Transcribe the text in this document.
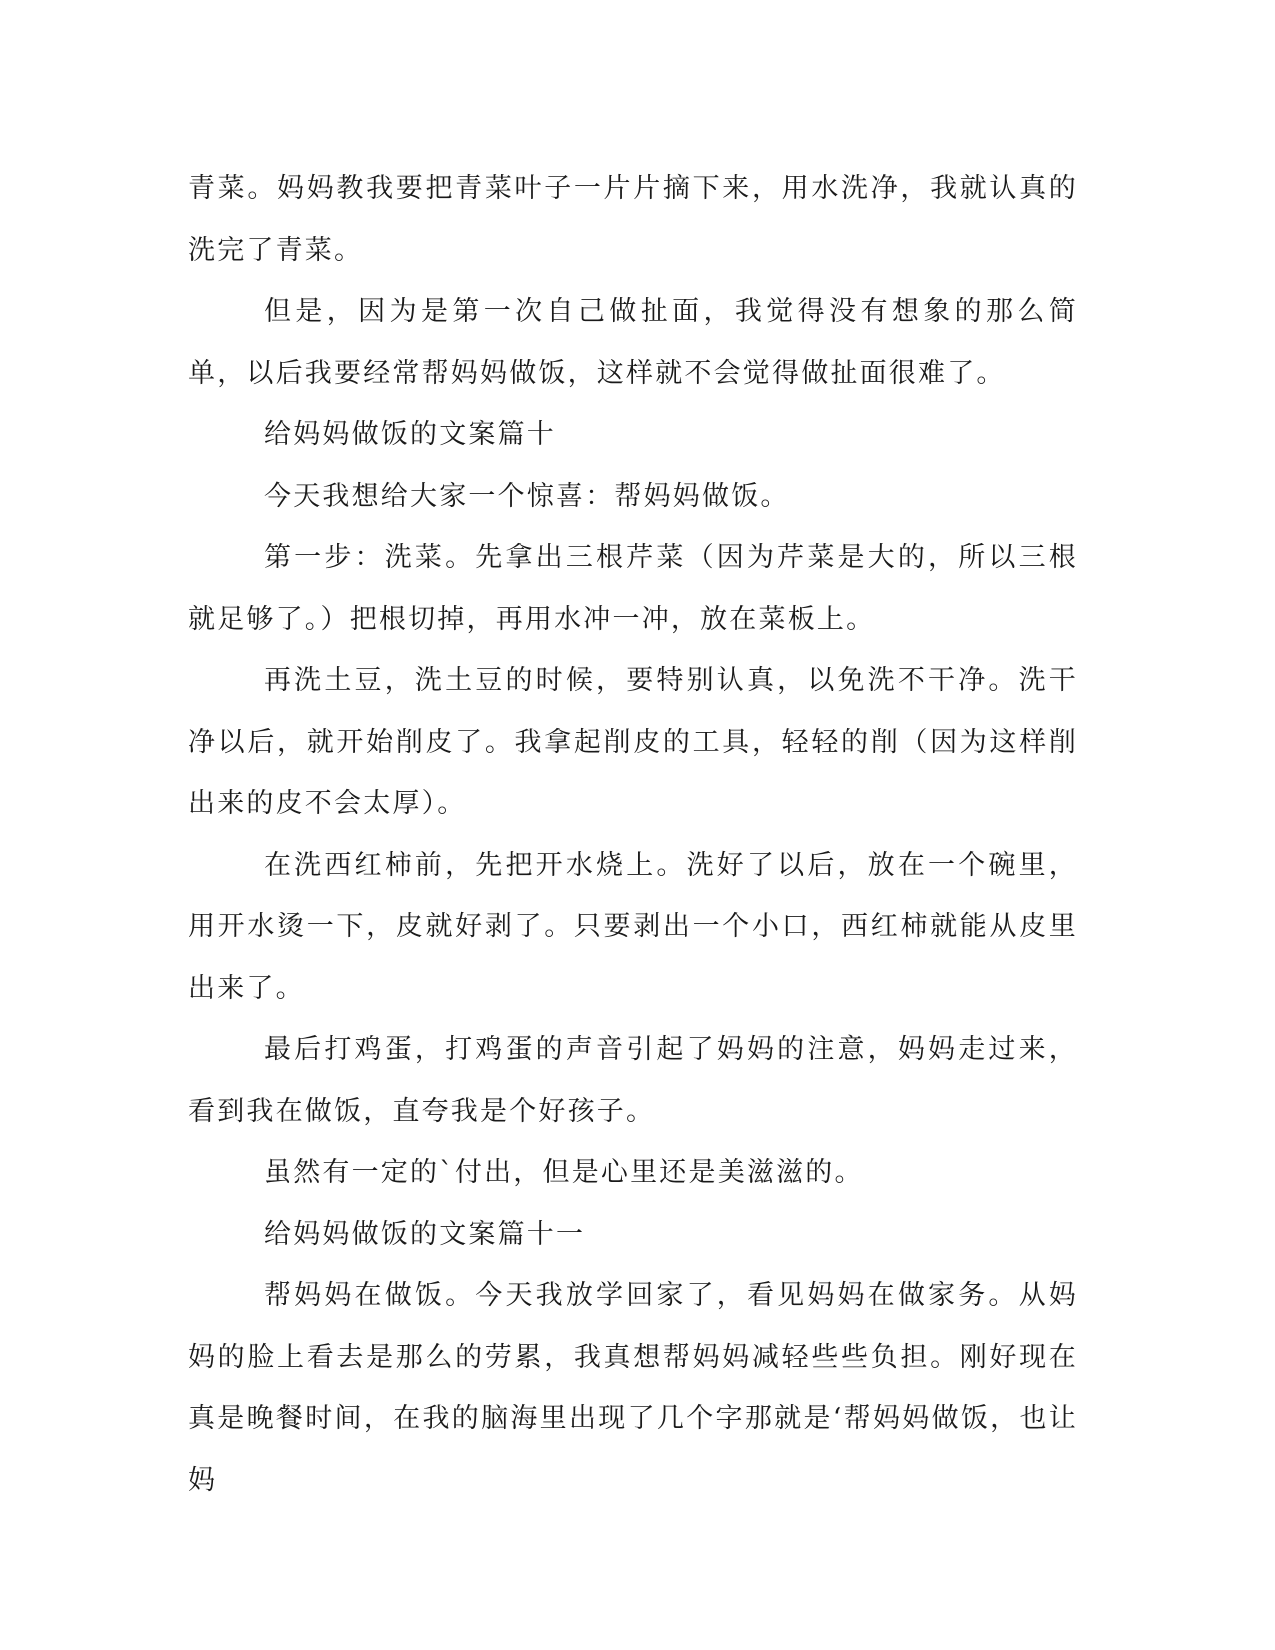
青菜。妈妈教我要把青菜叶子一片片摘下来，用水洗净，我就认真的洗完了青菜。

但是，因为是第一次自己做扯面，我觉得没有想象的那么简单，以后我要经常帮妈妈做饭，这样就不会觉得做扯面很难了。

给妈妈做饭的文案篇十

今天我想给大家一个惊喜：帮妈妈做饭。

第一步：洗菜。先拿出三根芹菜（因为芹菜是大的，所以三根就足够了。）把根切掉，再用水冲一冲，放在菜板上。

再洗土豆，洗土豆的时候，要特别认真，以免洗不干净。洗干净以后，就开始削皮了。我拿起削皮的工具，轻轻的削（因为这样削出来的皮不会太厚）。

在洗西红柿前，先把开水烧上。洗好了以后，放在一个碗里，用开水烫一下，皮就好剥了。只要剥出一个小口，西红柿就能从皮里出来了。

最后打鸡蛋，打鸡蛋的声音引起了妈妈的注意，妈妈走过来，看到我在做饭，直夸我是个好孩子。

虽然有一定的`付出，但是心里还是美滋滋的。

给妈妈做饭的文案篇十一

帮妈妈在做饭。今天我放学回家了，看见妈妈在做家务。从妈妈的脸上看去是那么的劳累，我真想帮妈妈减轻些些负担。刚好现在真是晚餐时间，在我的脑海里出现了几个字那就是‘帮妈妈做饭，也让妈
